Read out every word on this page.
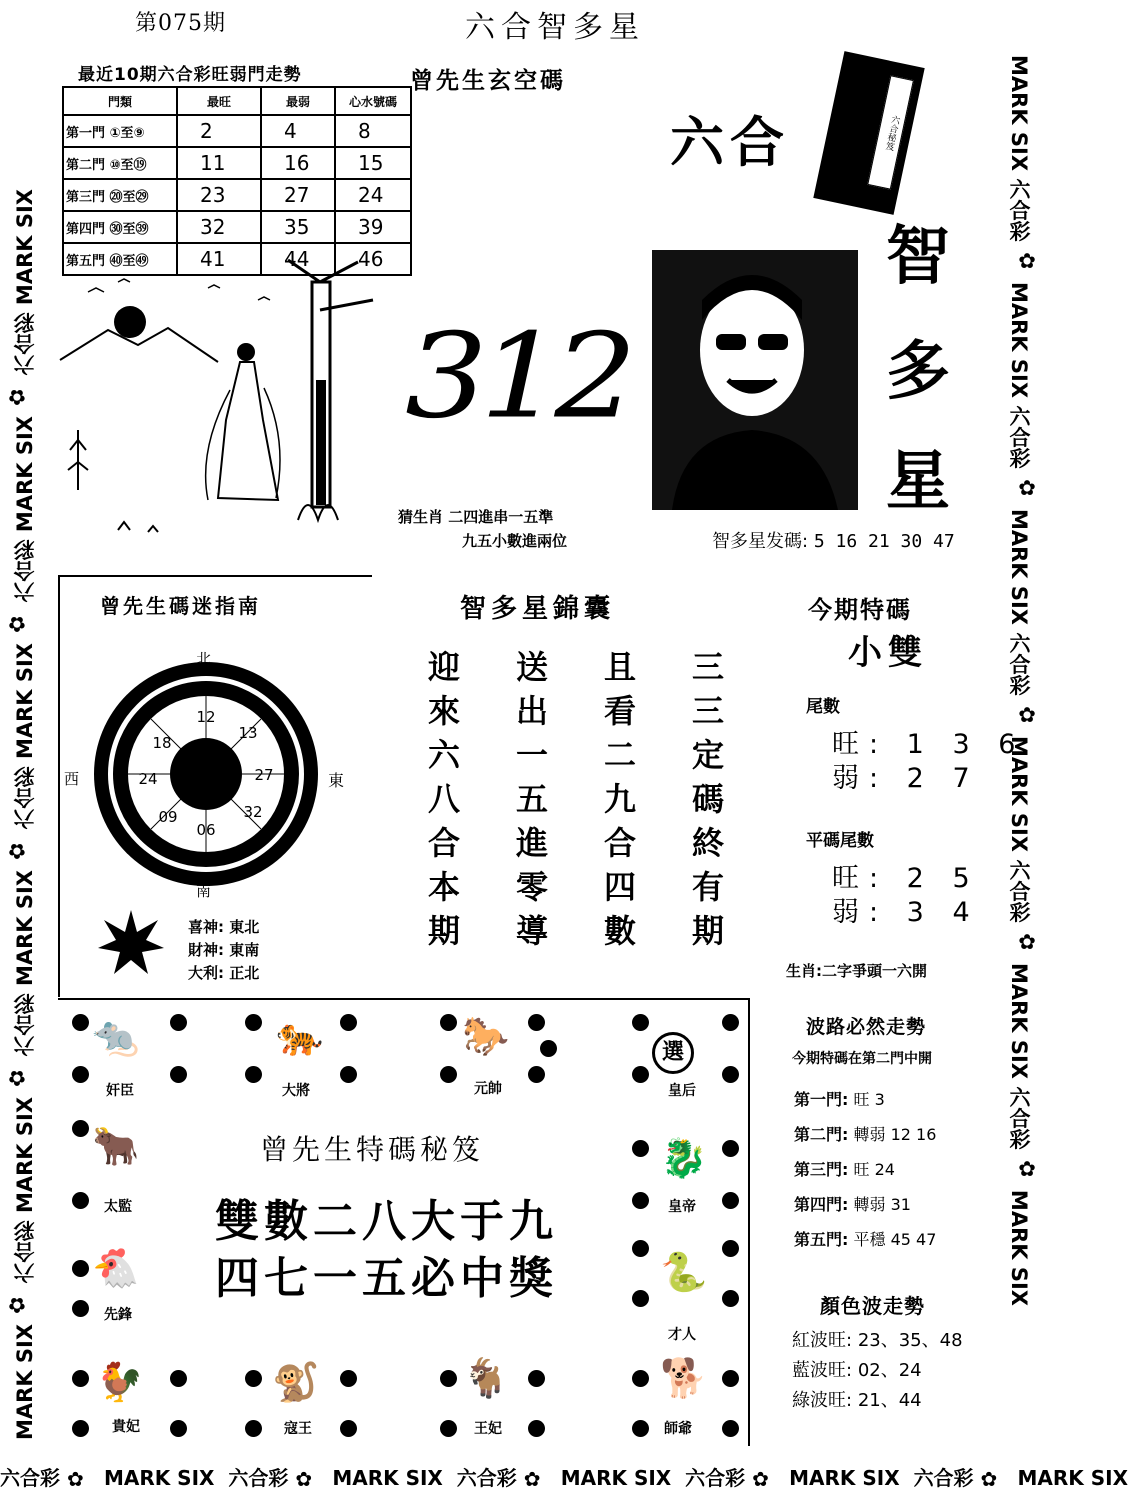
第075期	六合智多星
MARK SIX ✿ 六合彩 MARK SIX ✿ 六合彩 MARK SIX ✿ 六合彩 MARK SIX ✿ 六合彩 MARK SIX ✿ 六合彩 MARK SIX
MARK SIX 六合彩 ✿ MARK SIX 六合彩 ✿ MARK SIX 六合彩 ✿ MARK SIX 六合彩 ✿ MARK SIX 六合彩 ✿ MARK SIX
六合彩 ✿ MARK SIX 六合彩 ✿ MARK SIX 六合彩 ✿ MARK SIX 六合彩 ✿ MARK SIX 六合彩 ✿ MARK SIX
最近10期六合彩旺弱門走勢
門類	最旺	最弱	心水號碼
第一門 ①至⑨	2	4	8
第二門 ⑩至⑲	11	16	15
第三門 ⑳至㉙	23	27	24
第四門 ㉚至㊴	32	35	39
第五門 ㊵至㊾	41	44	46
曾先生玄空碼
312
猜生肖 二四進串一五準
九五小數進兩位
六合	六合秘笈
智
多
星
智多星发碼: 5 16 21 30 47
曾先生碼迷指南
12
13
27
32
06
09
24
18
北
南
西	東
喜神: 東北
財神: 東南
大利: 正北
智多星錦囊
迎	送	且	三
來	出	看	三
六	一	二	定
八	五	九	碼
合	進	合	終
本	零	四	有
期	導	數	期
今期特碼
小雙
尾數
旺: 1 3 6
弱: 2 7
平碼尾數
旺: 2 5
弱: 3 4
生肖:二字爭頭一六開
波路必然走勢
今期特碼在第二門中開
第一門: 旺 3
第二門: 轉弱 12 16
第三門: 旺 24
第四門: 轉弱 31
第五門: 平穩 45 47
顏色波走勢
紅波旺: 23、35、48
藍波旺: 02、24
綠波旺: 21、44
🐀
奸臣
🐅
大將
🐎
元帥
選
皇后
🐂
太監
🐉
皇帝
🐔
先鋒
🐍
才人
🐓
貴妃
🐒
寇王
🐐
王妃
🐕
師爺
曾先生特碼秘笈
雙數二八大于九
四七一五必中獎
